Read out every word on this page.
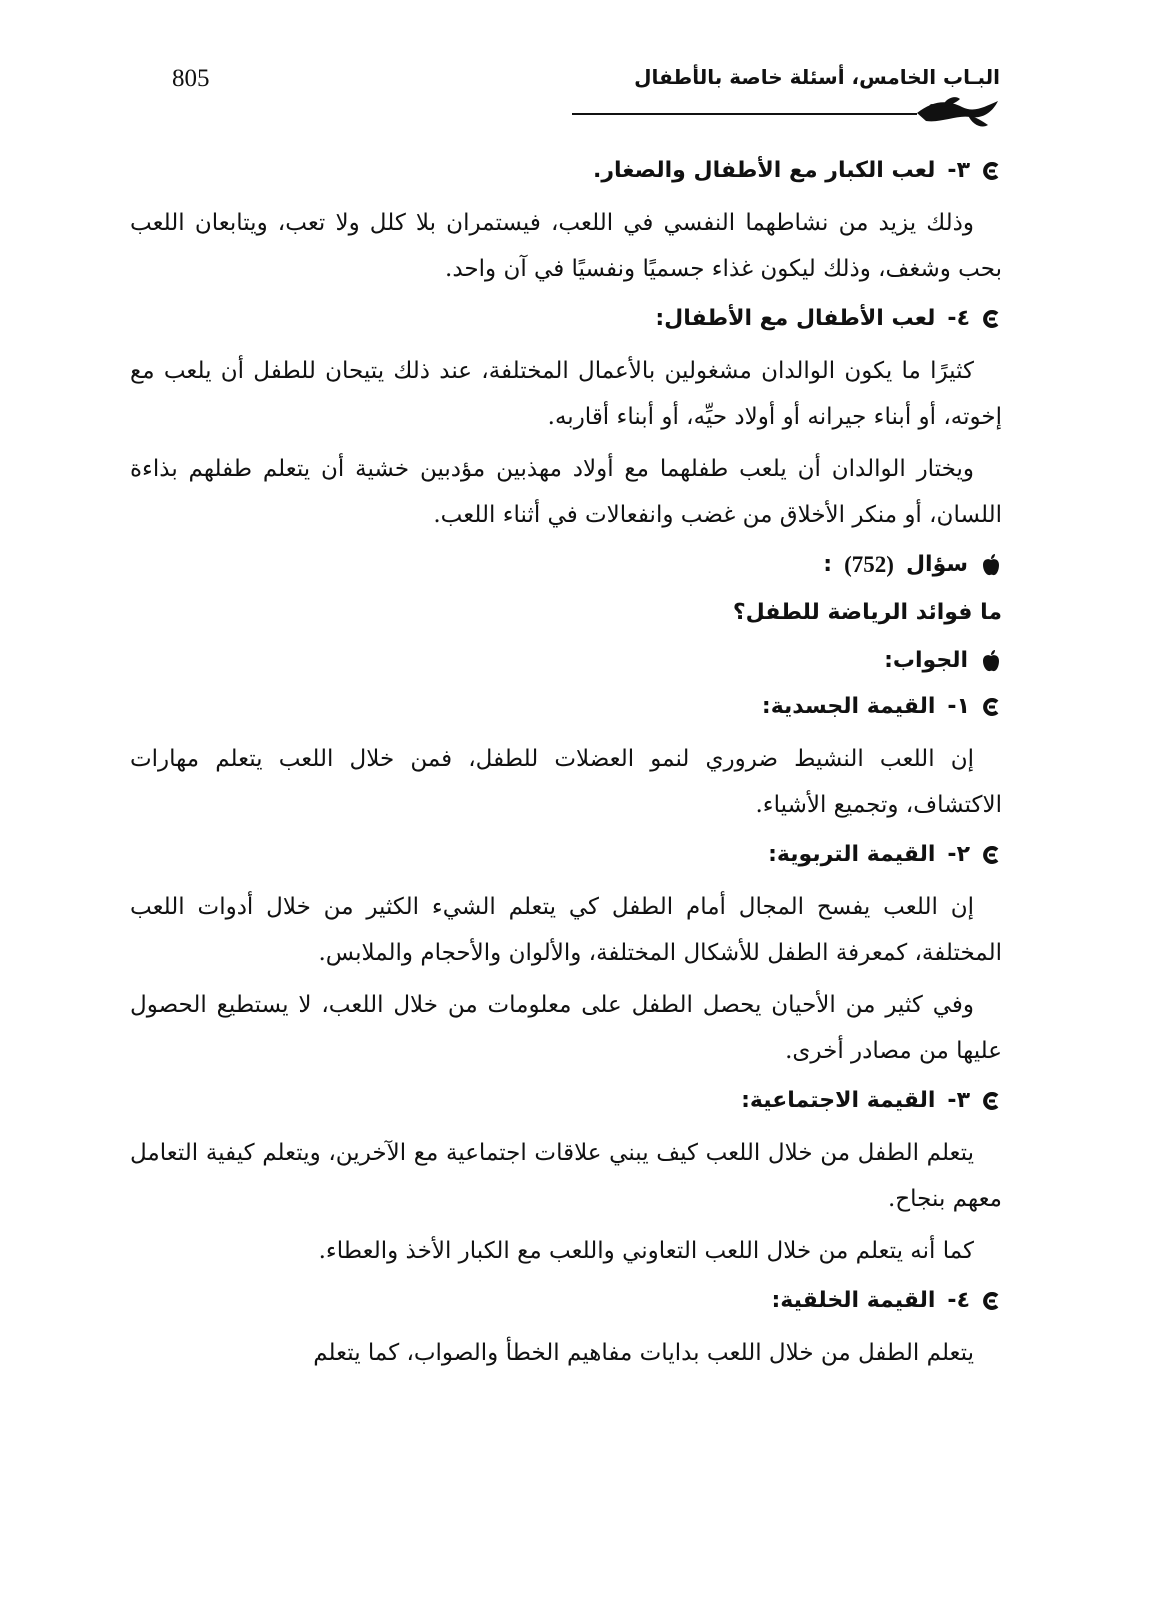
805	البـاب الخامس، أسئلة خاصة بالأطفال
٣-
لعب الكبار مع الأطفال والصغار.

وذلك يزيد من نشاطهما النفسي في اللعب، فيستمران بلا كلل ولا تعب، ويتابعان اللعب بحب وشغف، وذلك ليكون غذاء جسميًا ونفسيًا في آن واحد.

٤-
لعب الأطفال مع الأطفال:

كثيرًا ما يكون الوالدان مشغولين بالأعمال المختلفة، عند ذلك يتيحان للطفل أن يلعب مع إخوته، أو أبناء جيرانه أو أولاد حيِّه، أو أبناء أقاربه.

ويختار الوالدان أن يلعب طفلهما مع أولاد مهذبين مؤدبين خشية أن يتعلم طفلهم بذاءة اللسان، أو منكر الأخلاق من غضب وانفعالات في أثناء اللعب.

سؤال
(752)
:

ما فوائد الرياضة للطفل؟

الجواب:
١-
القيمة الجسدية:

إن اللعب النشيط ضروري لنمو العضلات للطفل، فمن خلال اللعب يتعلم مهارات الاكتشاف، وتجميع الأشياء.

٢-
القيمة التربوية:

إن اللعب يفسح المجال أمام الطفل كي يتعلم الشيء الكثير من خلال أدوات اللعب المختلفة، كمعرفة الطفل للأشكال المختلفة، والألوان والأحجام والملابس.

وفي كثير من الأحيان يحصل الطفل على معلومات من خلال اللعب، لا يستطيع الحصول عليها من مصادر أخرى.

٣-
القيمة الاجتماعية:

يتعلم الطفل من خلال اللعب كيف يبني علاقات اجتماعية مع الآخرين، ويتعلم كيفية التعامل معهم بنجاح.

كما أنه يتعلم من خلال اللعب التعاوني واللعب مع الكبار الأخذ والعطاء.

٤-
القيمة الخلقية:

يتعلم الطفل من خلال اللعب بدايات مفاهيم الخطأ والصواب، كما يتعلم
